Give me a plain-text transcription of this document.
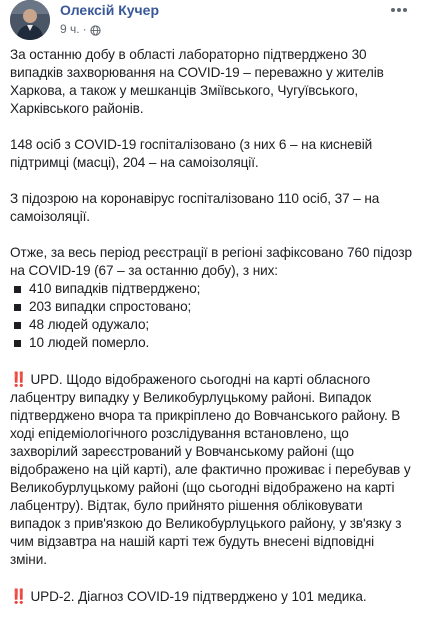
Олексій Кучер
9 ч. ·

За останню добу в області лабораторно підтверджено 30 випадків захворювання на COVID-19 – переважно у жителів Харкова, а також у мешканців Зміївського, Чугуївського, Харківського районів.

148 осіб з COVID-19 госпіталізовано (з них 6 – на кисневій підтримці (масці), 204 – на самоізоляції.

З підозрою на коронавірус госпіталізовано 110 осіб, 37 – на самоізоляції.

Отже, за весь період реєстрації в регіоні зафіксовано 760 підозр на COVID-19 (67 – за останню добу), з них:

410 випадків підтверджено;
203 випадки спростовано;
48 людей одужало;
10 людей померло.

‼️ UPD. Щодо відображеного сьогодні на карті обласного лабцентру випадку у Великобурлуцькому районі. Випадок підтверджено вчора та прикріплено до Вовчанського району. В ході епідеміологічного розслідування встановлено, що захворілий зареєстрований у Вовчанському районі (що відображено на цій карті), але фактично проживає і перебував у Великобурлуцькому районі (що сьогодні відображено на карті лабцентру). Відтак, було прийнято рішення обліковувати випадок з прив'язкою до Великобурлуцького району, у зв'язку з чим відзавтра на нашій карті теж будуть внесені відповідні зміни.

‼️ UPD-2. Діагноз COVID-19 підтверджено у 101 медика.
